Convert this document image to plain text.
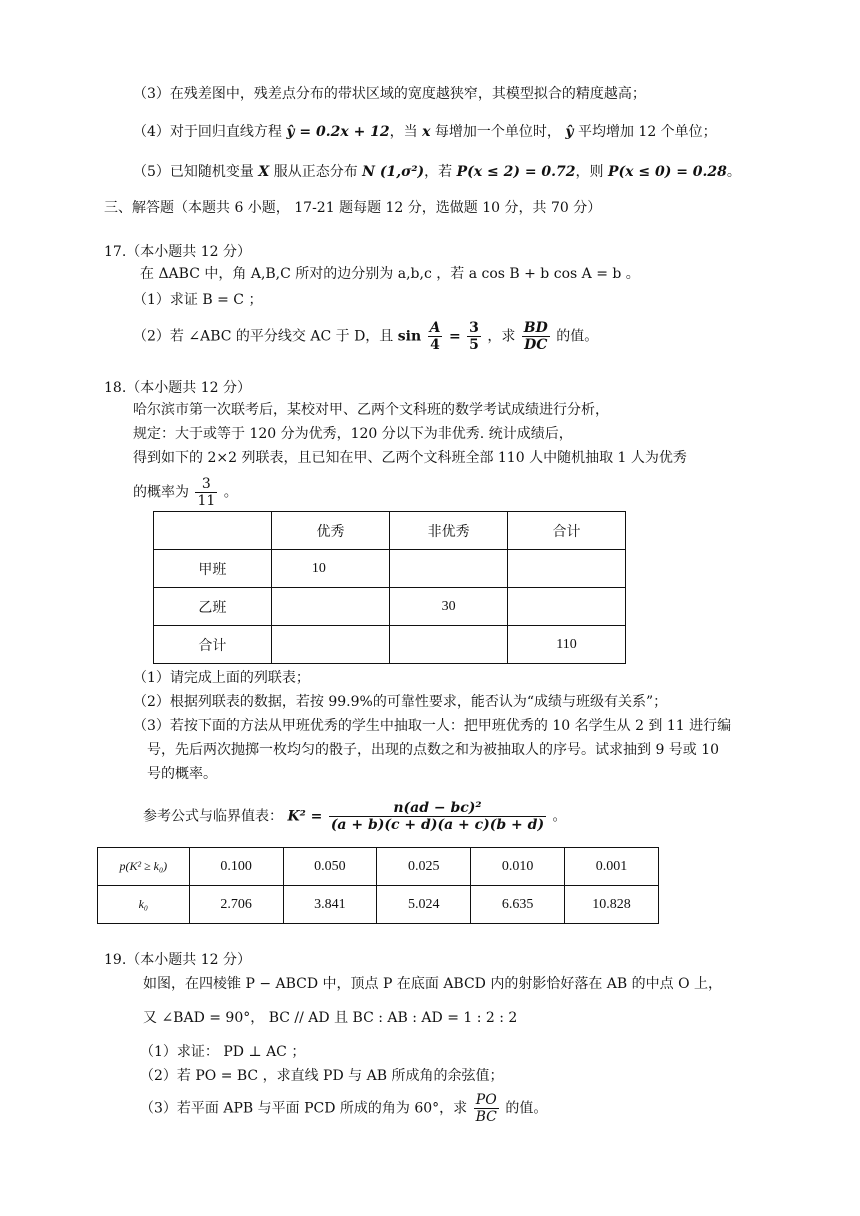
（3）在残差图中，残差点分布的带状区域的宽度越狭窄，其模型拟合的精度越高；
（4）对于回归直线方程 ŷ = 0.2x + 12，当 x 每增加一个单位时， ŷ 平均增加 12 个单位；
（5）已知随机变量 X 服从正态分布 N (1,σ²)，若 P(x ≤ 2) = 0.72，则 P(x ≤ 0) = 0.28。
三、解答题（本题共 6 小题， 17-21 题每题 12 分，选做题 10 分，共 70 分）
17.（本小题共 12 分）
在 ΔABC 中，角 A,B,C 所对的边分别为 a,b,c ，若 a cos B + b cos A = b 。
（1）求证 B = C ；
（2）若 ∠ABC 的平分线交 AC 于 D，且 $\sin \frac{A}{4} = \frac{3}{5}$ ，求 $\frac{BD}{DC}$ 的值。
18.（本小题共 12 分）
哈尔滨市第一次联考后，某校对甲、乙两个文科班的数学考试成绩进行分析，
规定：大于或等于 120 分为优秀，120 分以下为非优秀. 统计成绩后，
得到如下的 2×2 列联表，且已知在甲、乙两个文科班全部 110 人中随机抽取 1 人为优秀
的概率为 $\frac{3}{11}$ 。
	优秀	非优秀	合计
甲班	10		
乙班		30	
合计			110
（1）请完成上面的列联表；
（2）根据列联表的数据，若按 99.9%的可靠性要求，能否认为“成绩与班级有关系”；
（3）若按下面的方法从甲班优秀的学生中抽取一人：把甲班优秀的 10 名学生从 2 到 11 进行编
号，先后两次抛掷一枚均匀的骰子，出现的点数之和为被抽取人的序号。试求抽到 9 号或 10
号的概率。
参考公式与临界值表： $K^2 = \frac{\text{n(ad − bc)²}}{(a + b)(c + d)(a + c)(b + d)}$ 。
p(K² ≥ k₀)	0.100	0.050	0.025	0.010	0.001
k₀	2.706	3.841	5.024	6.635	10.828
19.（本小题共 12 分）
如图，在四棱锥 P − ABCD 中，顶点 P 在底面 ABCD 内的射影恰好落在 AB 的中点 O 上，
又 ∠BAD = 90°， BC // AD 且 BC : AB : AD = 1 : 2 : 2
（1）求证： PD ⊥ AC ；
（2）若 PO = BC ，求直线 PD 与 AB 所成角的余弦值；
（3）若平面 APB 与平面 PCD 所成的角为 60°，求 $\frac{PO}{BC}$ 的值。
